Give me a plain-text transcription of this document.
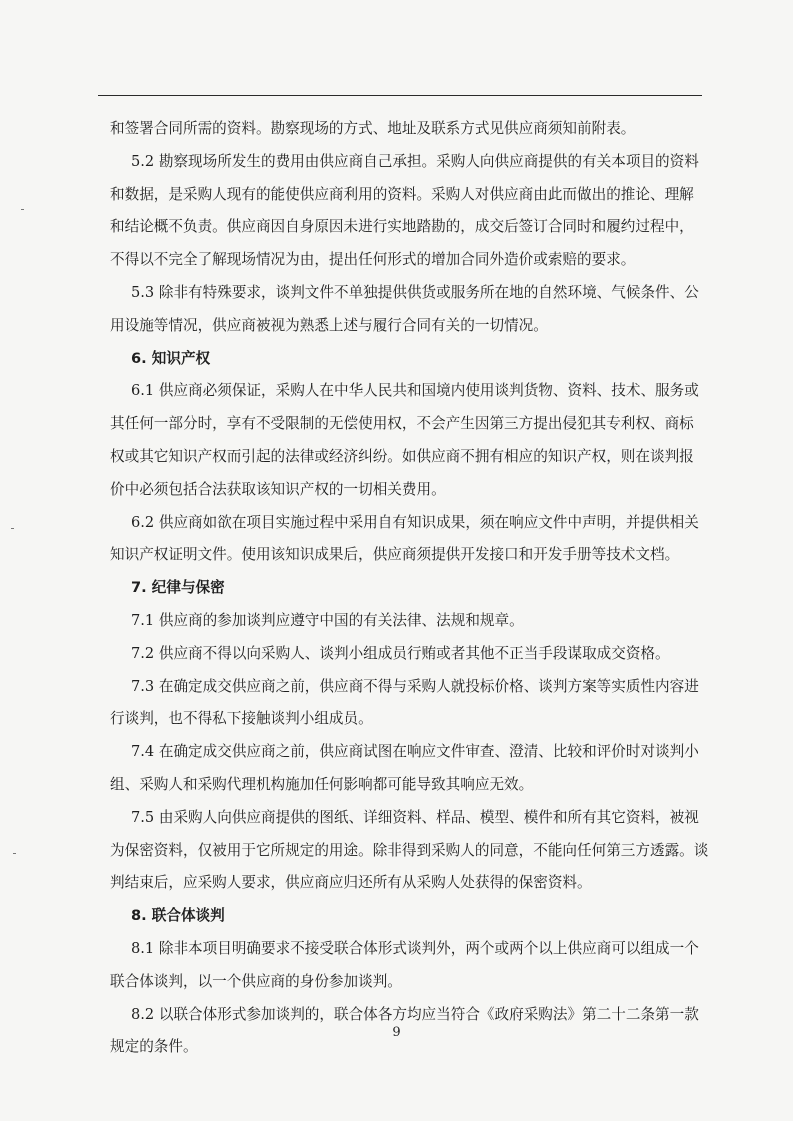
和签署合同所需的资料。勘察现场的方式、地址及联系方式见供应商须知前附表。

5.2 勘察现场所发生的费用由供应商自己承担。采购人向供应商提供的有关本项目的资料

和数据，是采购人现有的能使供应商利用的资料。采购人对供应商由此而做出的推论、理解

和结论概不负责。供应商因自身原因未进行实地踏勘的，成交后签订合同时和履约过程中，

不得以不完全了解现场情况为由，提出任何形式的增加合同外造价或索赔的要求。

5.3 除非有特殊要求，谈判文件不单独提供供货或服务所在地的自然环境、气候条件、公

用设施等情况，供应商被视为熟悉上述与履行合同有关的一切情况。

6. 知识产权

6.1 供应商必须保证，采购人在中华人民共和国境内使用谈判货物、资料、技术、服务或

其任何一部分时，享有不受限制的无偿使用权，不会产生因第三方提出侵犯其专利权、商标

权或其它知识产权而引起的法律或经济纠纷。如供应商不拥有相应的知识产权，则在谈判报

价中必须包括合法获取该知识产权的一切相关费用。

6.2 供应商如欲在项目实施过程中采用自有知识成果，须在响应文件中声明，并提供相关

知识产权证明文件。使用该知识成果后，供应商须提供开发接口和开发手册等技术文档。

7. 纪律与保密

7.1 供应商的参加谈判应遵守中国的有关法律、法规和规章。

7.2 供应商不得以向采购人、谈判小组成员行贿或者其他不正当手段谋取成交资格。

7.3 在确定成交供应商之前，供应商不得与采购人就投标价格、谈判方案等实质性内容进

行谈判，也不得私下接触谈判小组成员。

7.4 在确定成交供应商之前，供应商试图在响应文件审查、澄清、比较和评价时对谈判小

组、采购人和采购代理机构施加任何影响都可能导致其响应无效。

7.5 由采购人向供应商提供的图纸、详细资料、样品、模型、模件和所有其它资料，被视

为保密资料，仅被用于它所规定的用途。除非得到采购人的同意，不能向任何第三方透露。谈

判结束后，应采购人要求，供应商应归还所有从采购人处获得的保密资料。

8. 联合体谈判

8.1 除非本项目明确要求不接受联合体形式谈判外，两个或两个以上供应商可以组成一个

联合体谈判，以一个供应商的身份参加谈判。

8.2 以联合体形式参加谈判的，联合体各方均应当符合《政府采购法》第二十二条第一款

规定的条件。

9
